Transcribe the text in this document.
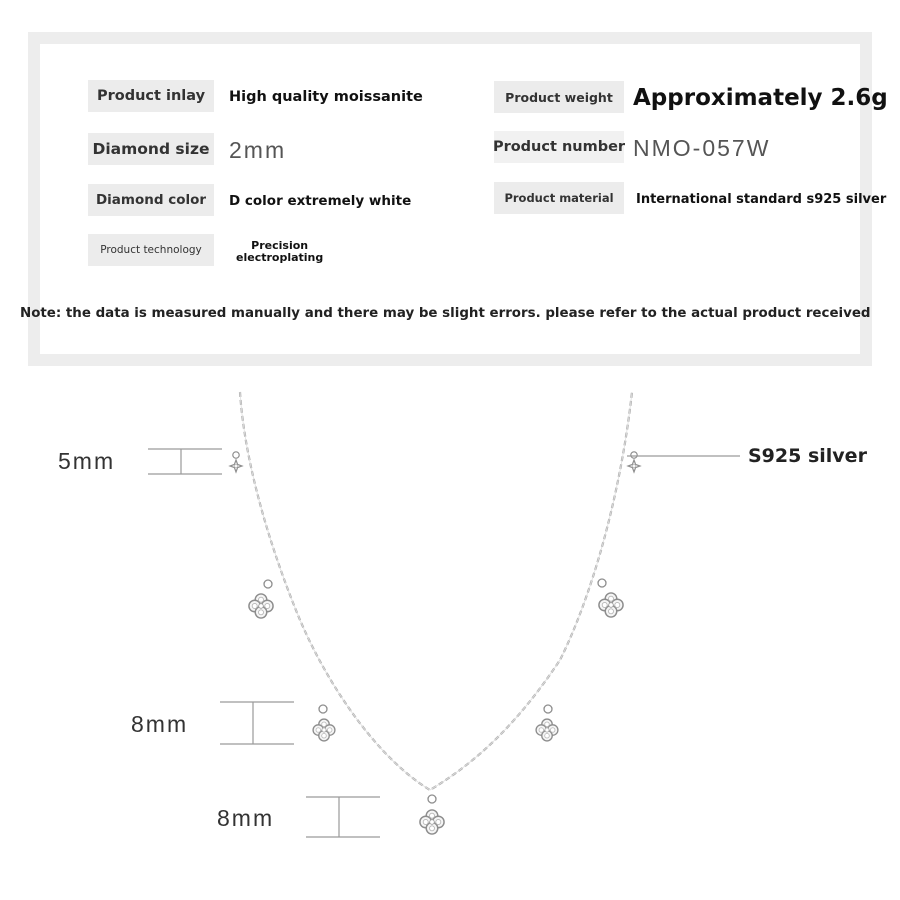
Product inlay	High quality moissanite
Diamond size 2mm
Diamond color	D color extremely white
Product technology	Precision
electroplating
Product weight Approximately 2.6g
Product number NMO-057W
Product material	International standard s925 silver
Note: the data is measured manually and there may be slight errors. please refer to the actual product received
5mm
8mm
8mm
S925 silver
